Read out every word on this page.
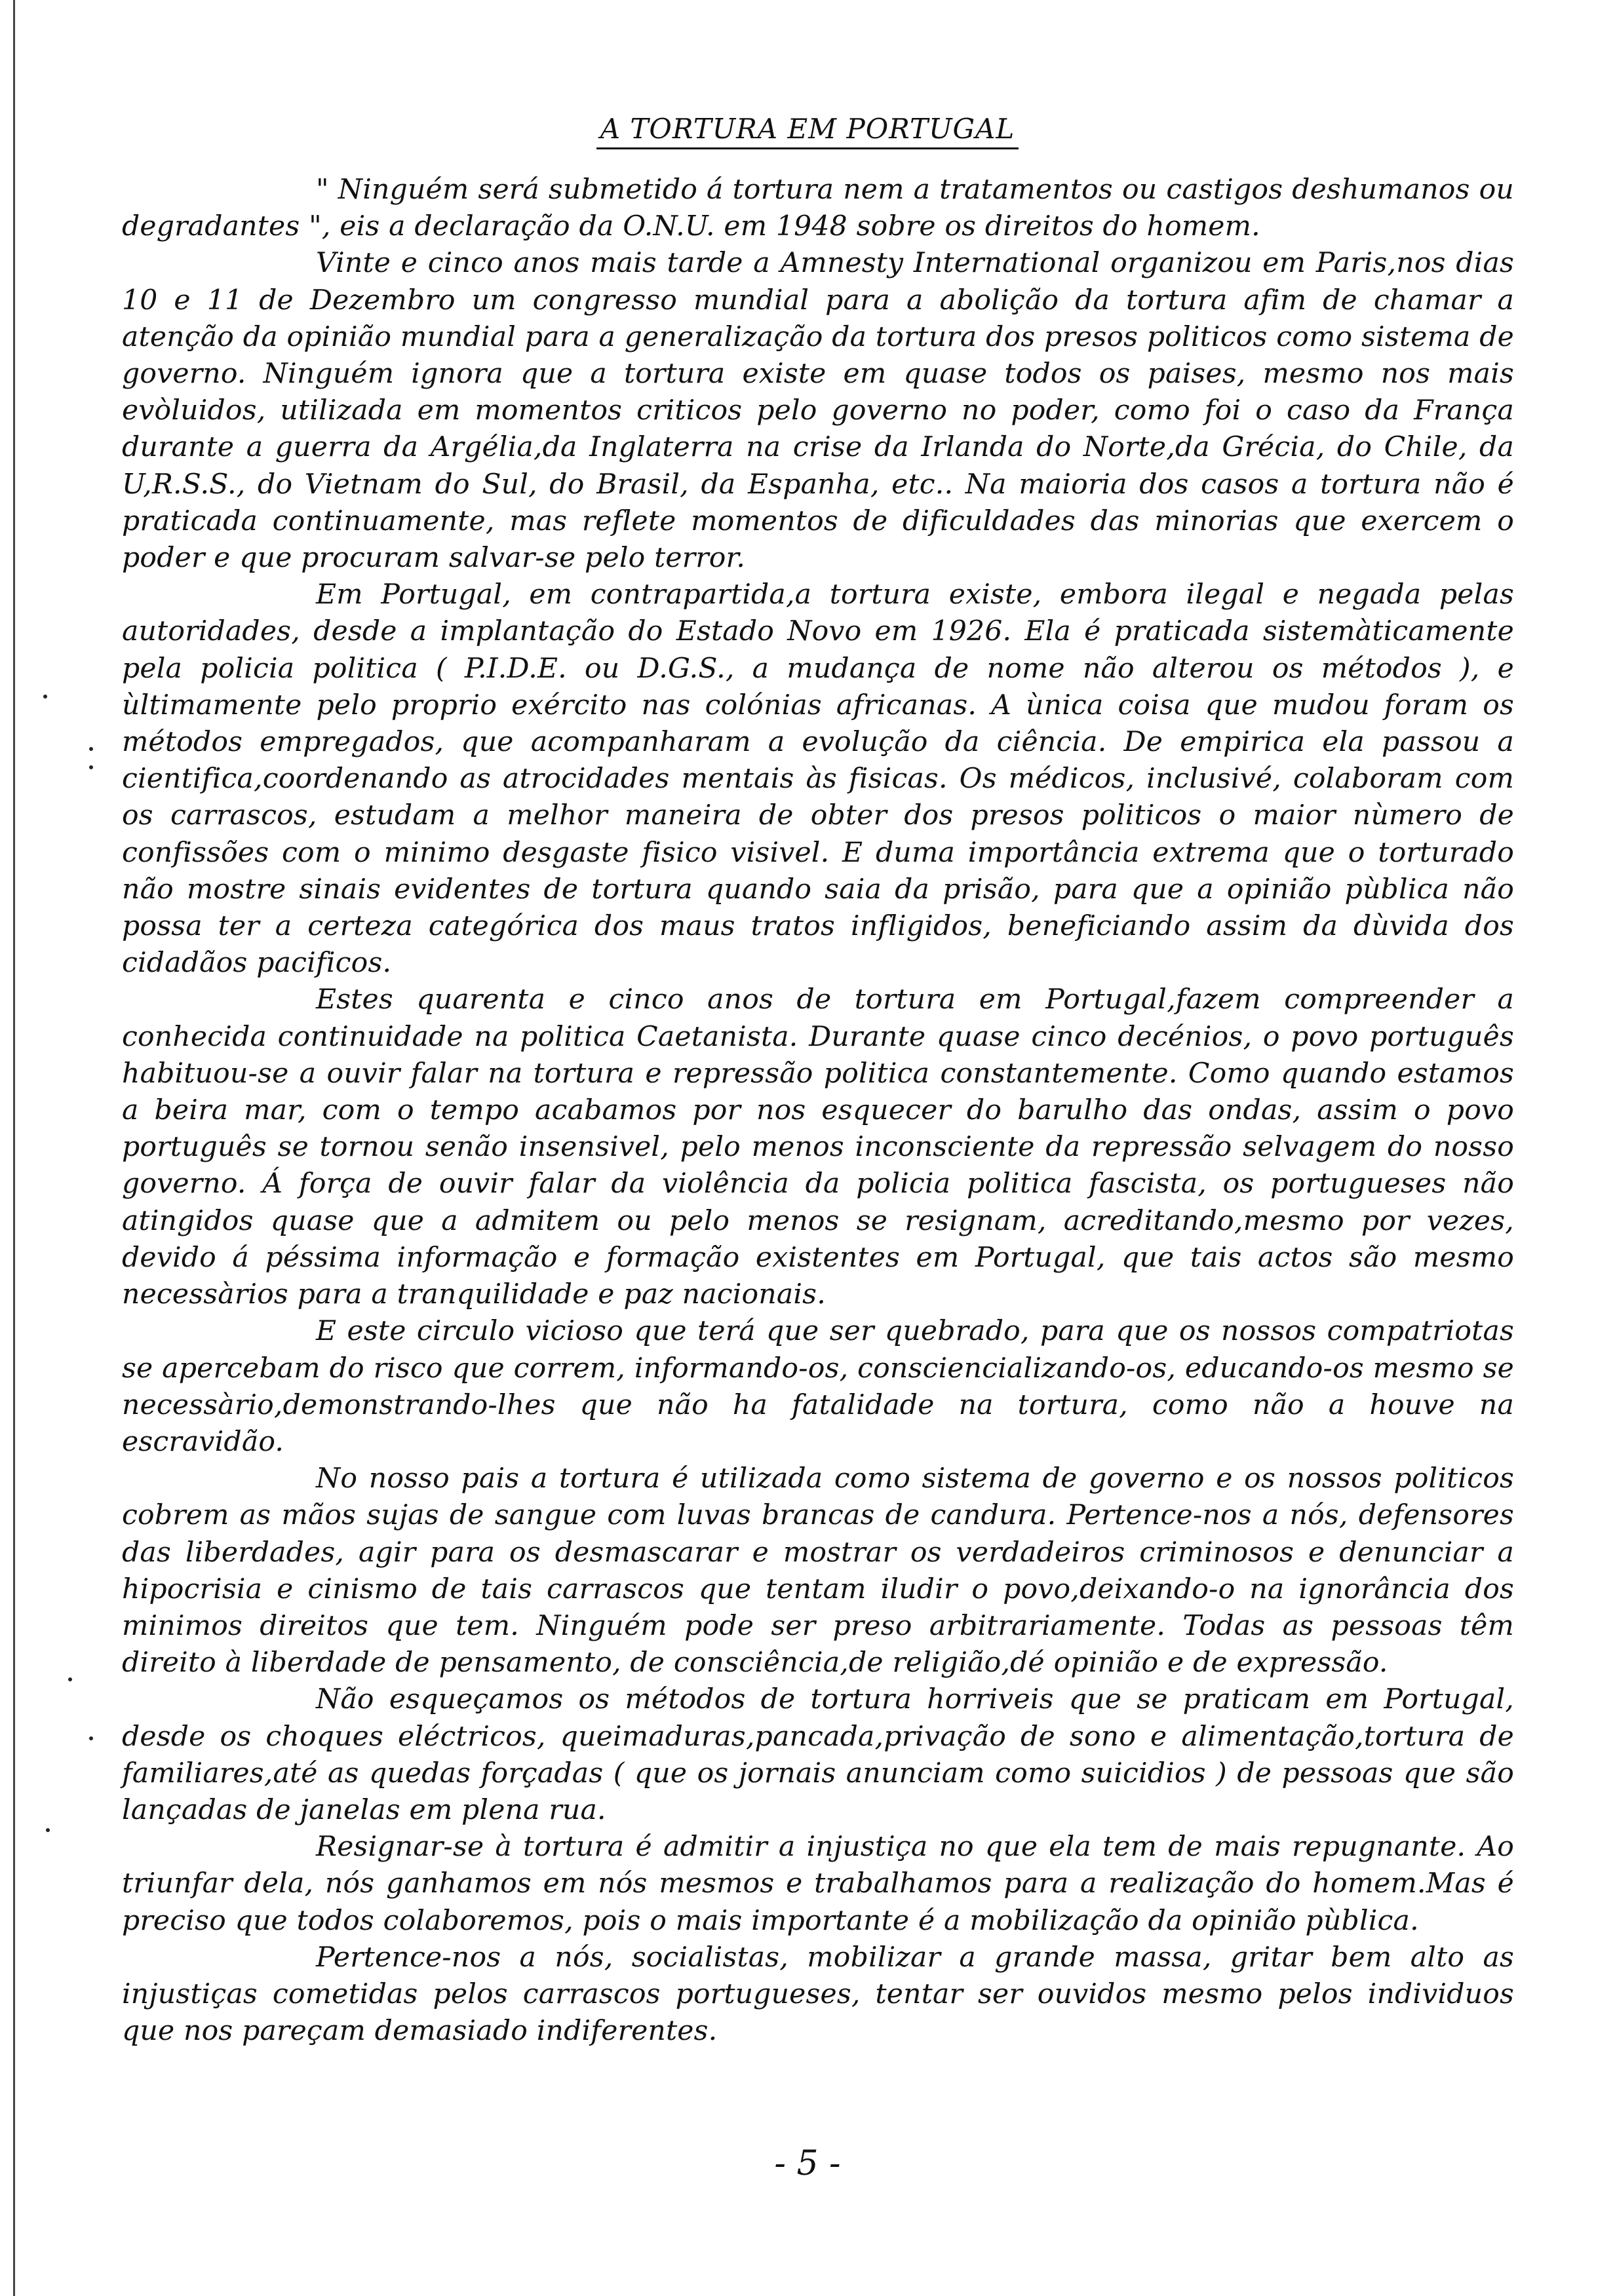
A TORTURA EM PORTUGAL

" Ninguém será submetido á tortura nem a tratamentos ou castigos deshumanos ou degradantes ", eis a declaração da O.N.U. em 1948 sobre os direitos do homem.

Vinte e cinco anos mais tarde a Amnesty International organizou em Paris,nos dias 10 e 11 de Dezembro um congresso mundial para a abolição da tortura afim de chamar a atenção da opinião mundial para a generalização da tortura dos presos politicos como sistema de governo. Ninguém ignora que a tortura existe em quase todos os paises, mesmo nos mais evòluidos, utilizada em momentos criticos pelo governo no poder, como foi o caso da França durante a guerra da Argélia,da Inglaterra na crise da Irlanda do Norte,da Grécia, do Chile, da U,R.S.S., do Vietnam do Sul, do Brasil, da Espanha, etc.. Na maioria dos casos a tortura não é praticada continuamente, mas reflete momentos de dificuldades das minorias que exercem o poder e que procuram salvar-se pelo terror.

Em Portugal, em contrapartida,a tortura existe, embora ilegal e negada pelas autoridades, desde a implantação do Estado Novo em 1926. Ela é praticada sistemàticamente pela policia politica ( P.I.D.E. ou D.G.S., a mudança de nome não alterou os métodos ), e ùltimamente pelo proprio exército nas colónias africanas. A ùnica coisa que mudou foram os métodos empregados, que acompanharam a evolução da ciência. De empirica ela passou a cientifica,coordenando as atrocidades mentais às fisicas. Os médicos, inclusivé, colaboram com os carrascos, estudam a melhor maneira de obter dos presos politicos o maior nùmero de confissões com o minimo desgaste fisico visivel. E duma importância extrema que o torturado não mostre sinais evidentes de tortura quando saia da prisão, para que a opinião pùblica não possa ter a certeza categórica dos maus tratos infligidos, beneficiando assim da dùvida dos cidadãos pacificos.

Estes quarenta e cinco anos de tortura em Portugal,fazem compreender a conhecida continuidade na politica Caetanista. Durante quase cinco decénios, o povo português habituou-se a ouvir falar na tortura e repressão politica constantemente. Como quando estamos a beira mar, com o tempo acabamos por nos esquecer do barulho das ondas, assim o povo português se tornou senão insensivel, pelo menos inconsciente da repressão selvagem do nosso governo. Á força de ouvir falar da violência da policia politica fascista, os portugueses não atingidos quase que a admitem ou pelo menos se resignam, acreditando,mesmo por vezes, devido á péssima informação e formação existentes em Portugal, que tais actos são mesmo necessàrios para a tranquilidade e paz nacionais.

E este circulo vicioso que terá que ser quebrado, para que os nossos compatriotas se apercebam do risco que correm, informando-os, consciencializando-os, educando-os mesmo se necessàrio,demonstrando-lhes que não ha fatalidade na tortura, como não a houve na escravidão.

No nosso pais a tortura é utilizada como sistema de governo e os nossos politicos cobrem as mãos sujas de sangue com luvas brancas de candura. Pertence-nos a nós, defensores das liberdades, agir para os desmascarar e mostrar os verdadeiros criminosos e denunciar a hipocrisia e cinismo de tais carrascos que tentam iludir o povo,deixando-o na ignorância dos minimos direitos que tem. Ninguém pode ser preso arbitrariamente. Todas as pessoas têm direito à liberdade de pensamento, de consciência,de religião,dé opinião e de expressão.

Não esqueçamos os métodos de tortura horriveis que se praticam em Portugal, desde os choques eléctricos, queimaduras,pancada,privação de sono e alimentação,tortura de familiares,até as quedas forçadas ( que os jornais anunciam como suicidios ) de pessoas que são lançadas de janelas em plena rua.

Resignar-se à tortura é admitir a injustiça no que ela tem de mais repugnante. Ao triunfar dela, nós ganhamos em nós mesmos e trabalhamos para a realização do homem.Mas é preciso que todos colaboremos, pois o mais importante é a mobilização da opinião pùblica.

Pertence-nos a nós, socialistas, mobilizar a grande massa, gritar bem alto as injustiças cometidas pelos carrascos portugueses, tentar ser ouvidos mesmo pelos individuos que nos pareçam demasiado indiferentes.

- 5 -
